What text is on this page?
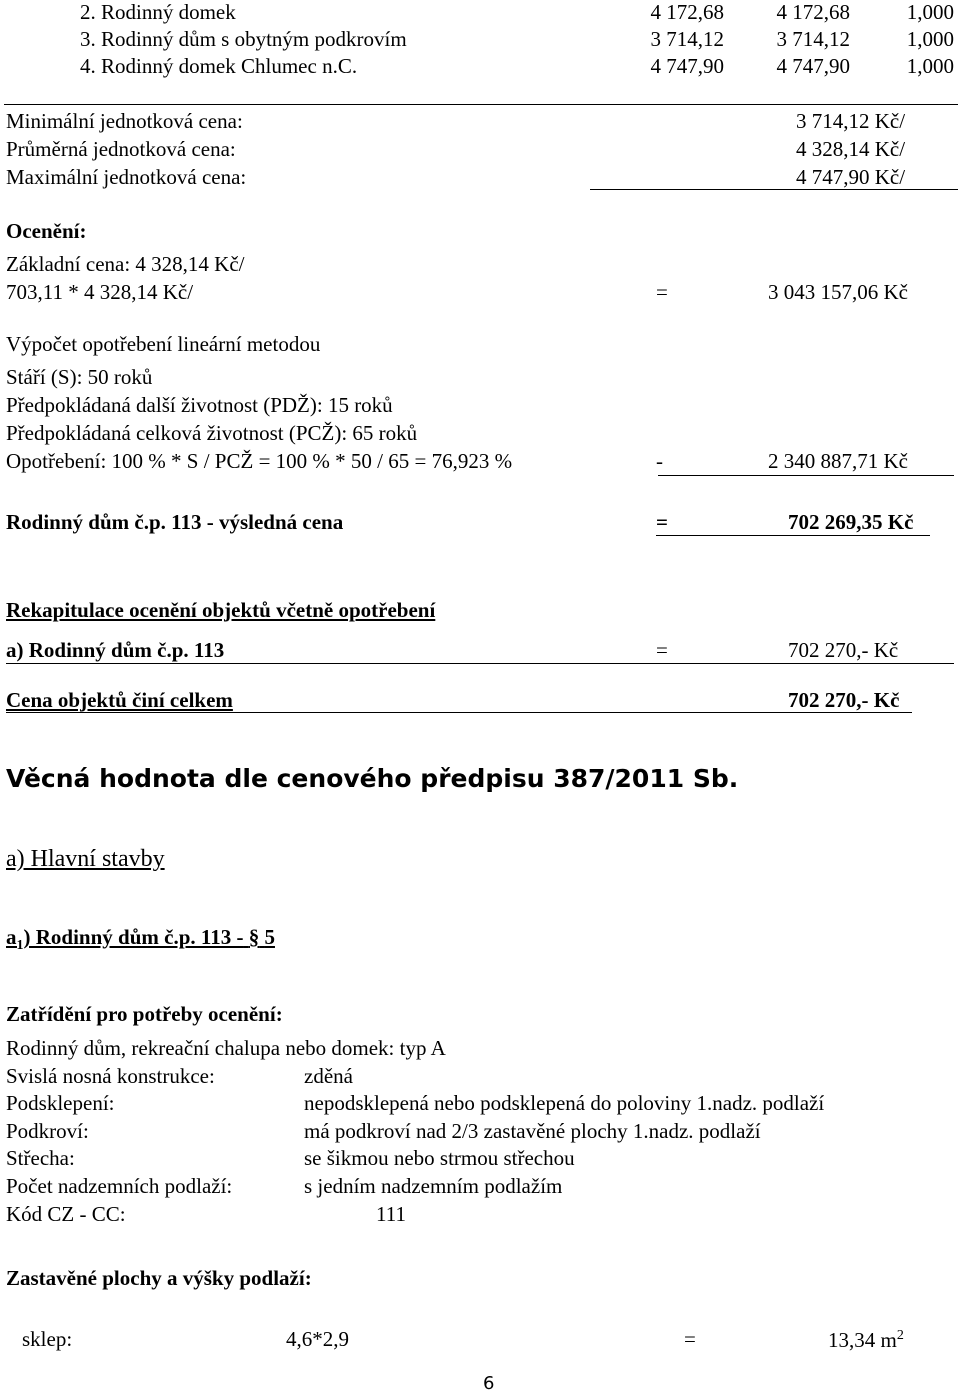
2. Rodinný domek	4 172,68	4 172,68	1,000
3. Rodinný dům s obytným podkrovím	3 714,12	3 714,12	1,000
4. Rodinný domek Chlumec n.C.	4 747,90	4 747,90	1,000
Minimální jednotková cena:	3 714,12 Kč/
Průměrná jednotková cena:	4 328,14 Kč/
Maximální jednotková cena:	4 747,90 Kč/
Ocenění:
Základní cena: 4 328,14 Kč/
703,11 * 4 328,14 Kč/	=	3 043 157,06 Kč
Výpočet opotřebení lineární metodou
Stáří (S): 50 roků
Předpokládaná další životnost (PDŽ): 15 roků
Předpokládaná celková životnost (PCŽ): 65 roků
Opotřebení: 100 % * S / PCŽ = 100 % * 50 / 65 = 76,923 %	-	2 340 887,71 Kč
Rodinný dům č.p. 113 - výsledná cena	=	702 269,35 Kč
Rekapitulace ocenění objektů včetně opotřebení
a) Rodinný dům č.p. 113	=	702 270,- Kč
Cena objektů činí celkem	702 270,- Kč
Věcná hodnota dle cenového předpisu 387/2011 Sb.
a) Hlavní stavby
$a_1$) Rodinný dům č.p. 113 - § 5
Zatřídění pro potřeby ocenění:
Rodinný dům, rekreační chalupa nebo domek: typ A
Svislá nosná konstrukce:	zděná
Podsklepení:	nepodsklepená nebo podsklepená do poloviny 1.nadz. podlaží
Podkroví:	má podkroví nad 2/3 zastavěné plochy 1.nadz. podlaží
Střecha:	se šikmou nebo strmou střechou
Počet nadzemních podlaží:	s jedním nadzemním podlažím
Kód CZ - CC:	111
Zastavěné plochy a výšky podlaží:
sklep:	4,6*2,9	=	13,34 $m^2$
6
